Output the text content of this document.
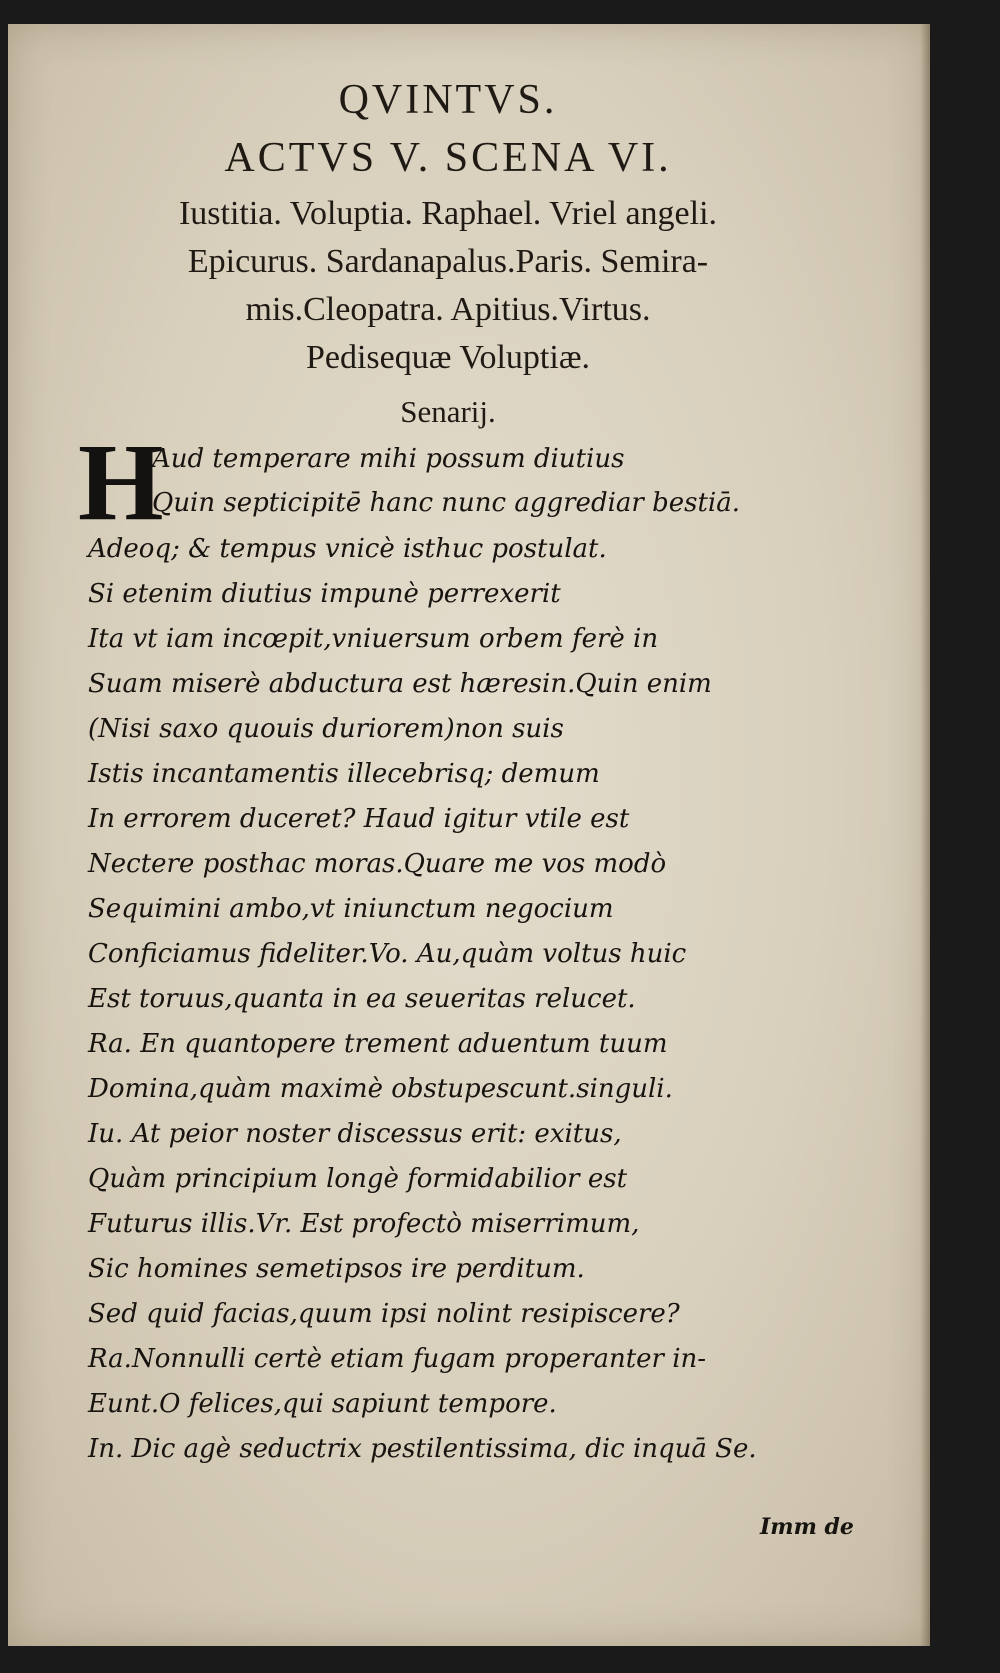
QVINTVS.
ACTVS V. SCENA VI.
Iustitia. Voluptia. Raphael. Vriel angeli.
Epicurus. Sardanapalus.Paris. Semira-
mis.Cleopatra. Apitius.Virtus.
Pedisequæ Voluptiæ.
Senarij.
H
Aud temperare mihi possum diutius
Quin septicipitē hanc nunc aggrediar bestiā.
Adeoq; & tempus vnicè isthuc postulat.
Si etenim diutius impunè perrexerit
Ita vt iam incœpit,vniuersum orbem ferè in
Suam miserè abductura est hæresin.Quin enim
(Nisi saxo quouis duriorem)non suis
Istis incantamentis illecebrisq; demum
In errorem duceret? Haud igitur vtile est
Nectere posthac moras.Quare me vos modò
Sequimini ambo,vt iniunctum negocium
Conficiamus fideliter.Vo. Au,quàm voltus huic
Est toruus,quanta in ea seueritas relucet.
Ra. En quantopere trement aduentum tuum
Domina,quàm maximè obstupescunt.singuli.
Iu. At peior noster discessus erit: exitus,
Quàm principium longè formidabilior est
Futurus illis.Vr. Est profectò miserrimum,
Sic homines semetipsos ire perditum.
Sed quid facias,quum ipsi nolint resipiscere?
Ra.Nonnulli certè etiam fugam properanter in-
Eunt.O felices,qui sapiunt tempore.
In. Dic agè seductrix pestilentissima, dic inquā Se.
Imm de
